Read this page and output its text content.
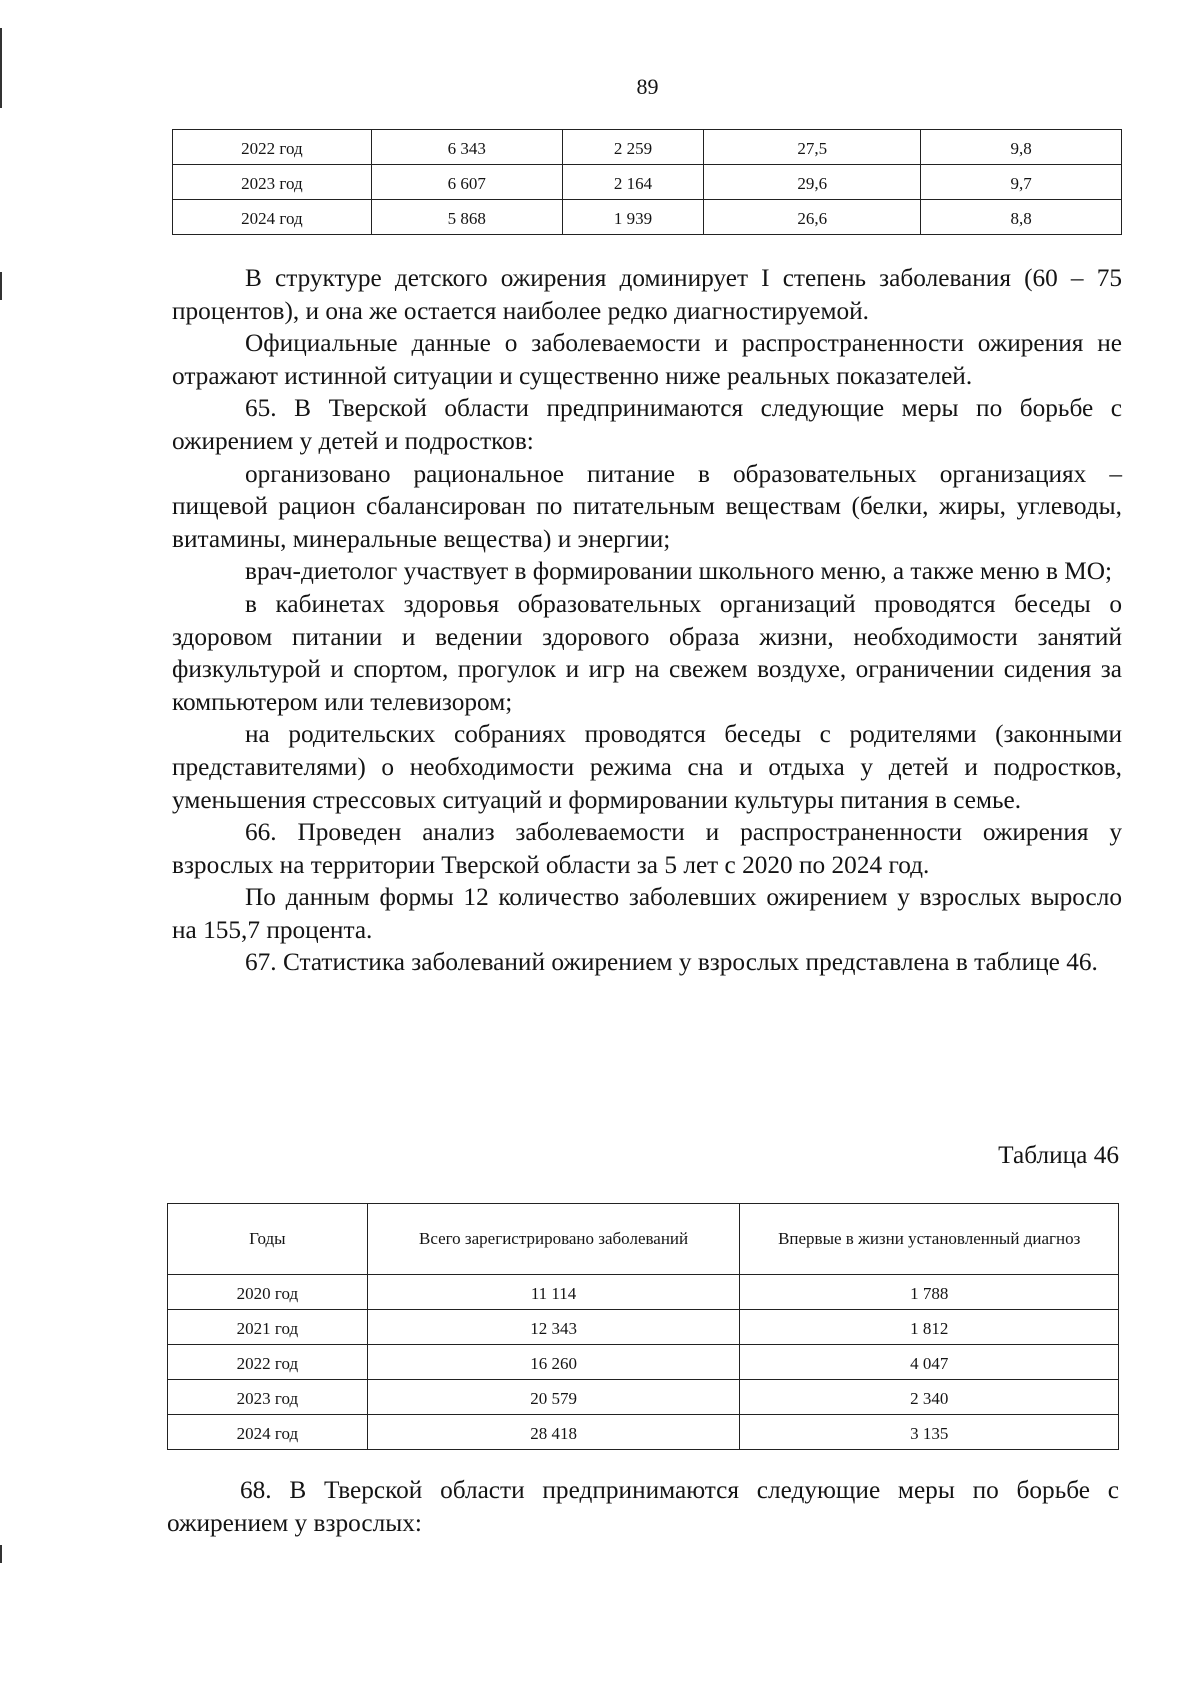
89
2022 год	6 343	2 259	27,5	9,8
2023 год	6 607	2 164	29,6	9,7
2024 год	5 868	1 939	26,6	8,8

В структуре детского ожирения доминирует I степень заболевания (60 – 75 процентов), и она же остается наиболее редко диагностируемой.

Официальные данные о заболеваемости и распространенности ожирения не отражают истинной ситуации и существенно ниже реальных показателей.

65. В Тверской области предпринимаются следующие меры по борьбе с ожирением у детей и подростков:

организовано рациональное питание в образовательных организациях – пищевой рацион сбалансирован по питательным веществам (белки, жиры, углеводы, витамины, минеральные вещества) и энергии;

врач-диетолог участвует в формировании школьного меню, а также меню в МО;

в кабинетах здоровья образовательных организаций проводятся беседы о здоровом питании и ведении здорового образа жизни, необходимости занятий физкультурой и спортом, прогулок и игр на свежем воздухе, ограничении сидения за компьютером или телевизором;

на родительских собраниях проводятся беседы с родителями (законными представителями) о необходимости режима сна и отдыха у детей и подростков, уменьшения стрессовых ситуаций и формировании культуры питания в семье.

66. Проведен анализ заболеваемости и распространенности ожирения у взрослых на территории Тверской области за 5 лет с 2020 по 2024 год.

По данным формы 12 количество заболевших ожирением у взрослых выросло на 155,7 процента.

67. Статистика заболеваний ожирением у взрослых представлена в таблице 46.

Таблица 46
Годы	Всего зарегистрировано заболеваний	Впервые в жизни установленный диагноз
2020 год	11 114	1 788
2021 год	12 343	1 812
2022 год	16 260	4 047
2023 год	20 579	2 340
2024 год	28 418	3 135

68. В Тверской области предпринимаются следующие меры по борьбе с ожирением у взрослых:
